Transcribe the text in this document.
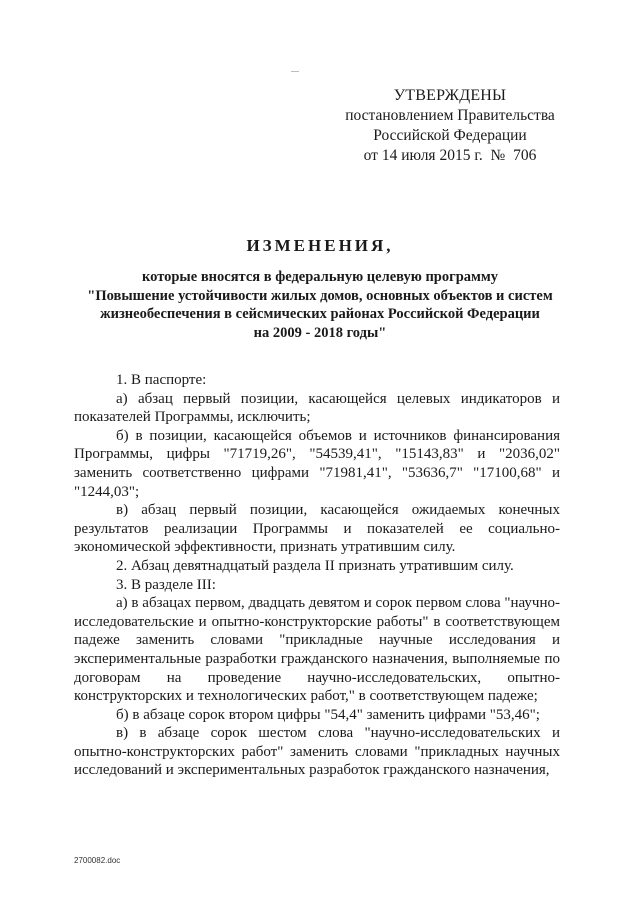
УТВЕРЖДЕНЫ
постановлением Правительства
Российской Федерации
от 14 июля 2015 г.  №  706
ИЗМЕНЕНИЯ,
которые вносятся в федеральную целевую программу
"Повышение устойчивости жилых домов, основных объектов и систем
жизнеобеспечения в сейсмических районах Российской Федерации
на 2009 - 2018 годы"

1. В паспорте:

а) абзац первый позиции, касающейся целевых индикаторов и показателей Программы, исключить;

б) в позиции, касающейся объемов и источников финансирования Программы, цифры "71719,26", "54539,41", "15143,83" и "2036,02" заменить соответственно цифрами "71981,41", "53636,7" "17100,68" и "1244,03";

в) абзац первый позиции, касающейся ожидаемых конечных результатов реализации Программы и показателей ее социально-экономической эффективности, признать утратившим силу.

2. Абзац девятнадцатый раздела II признать утратившим силу.

3. В разделе III:

а) в абзацах первом, двадцать девятом и сорок первом слова "научно-исследовательские и опытно-конструкторские работы" в соответствующем падеже заменить словами "прикладные научные исследования и экспериментальные разработки гражданского назначения, выполняемые по договорам на проведение научно-исследовательских, опытно-конструкторских и технологических работ," в соответствующем падеже;

б) в абзаце сорок втором цифры "54,4" заменить цифрами "53,46";

в) в абзаце сорок шестом слова "научно-исследовательских и опытно-конструкторских работ" заменить словами "прикладных научных исследований и экспериментальных разработок гражданского назначения,

2700082.doc
